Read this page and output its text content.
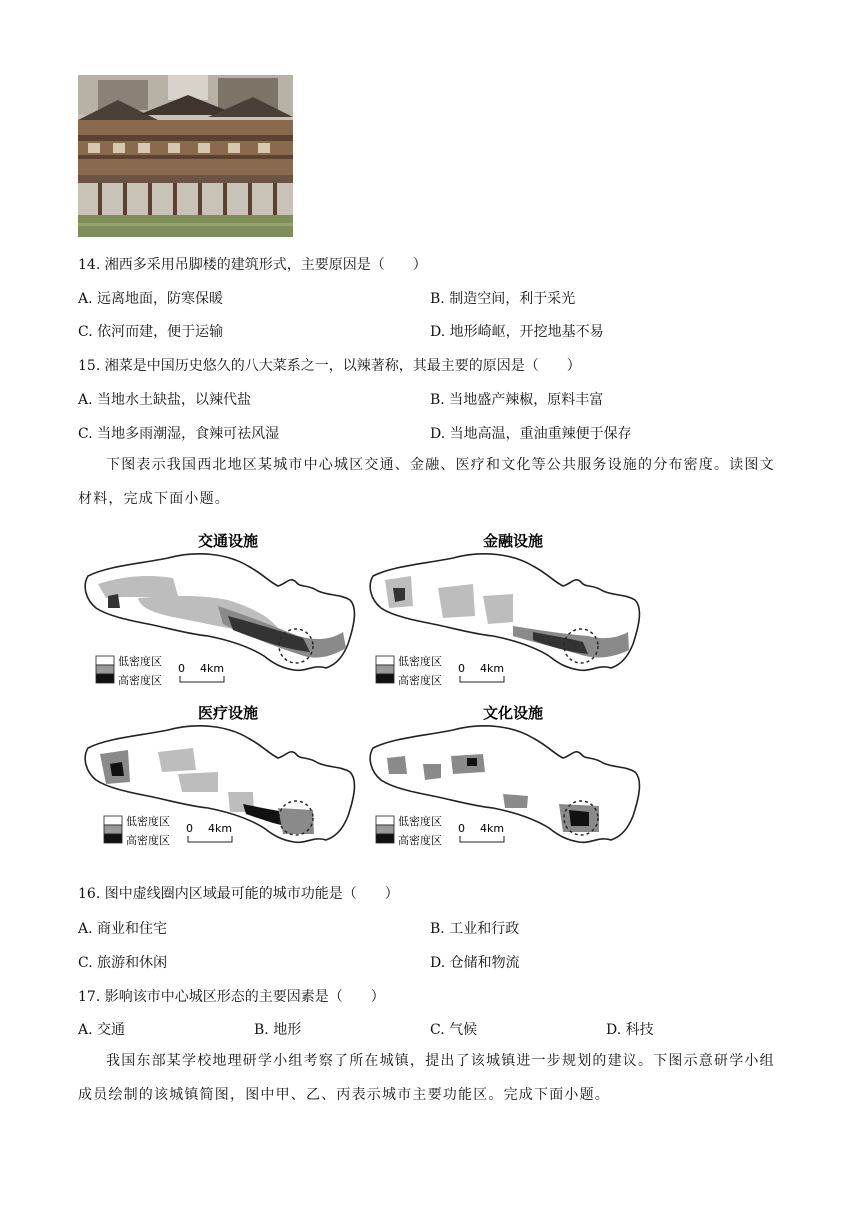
14. 湘西多采用吊脚楼的建筑形式，主要原因是（　　）
A. 远离地面，防寒保暖	B. 制造空间，利于采光
C. 依河而建，便于运输	D. 地形崎岖，开挖地基不易
15. 湘菜是中国历史悠久的八大菜系之一，以辣著称，其最主要的原因是（　　）
A. 当地水土缺盐，以辣代盐	B. 当地盛产辣椒，原料丰富
C. 当地多雨潮湿，食辣可祛风湿	D. 当地高温，重油重辣便于保存
下图表示我国西北地区某城市中心城区交通、金融、医疗和文化等公共服务设施的分布密度。读图文材料，完成下面小题。
交通设施
低密度区
高密度区
0 4km
金融设施
低密度区
高密度区
0 4km
医疗设施
低密度区
高密度区
0 4km
文化设施
低密度区
高密度区
0 4km
16. 图中虚线圈内区域最可能的城市功能是（　　）
A. 商业和住宅	B. 工业和行政
C. 旅游和休闲	D. 仓储和物流
17. 影响该市中心城区形态的主要因素是（　　）
A. 交通	B. 地形	C. 气候	D. 科技
我国东部某学校地理研学小组考察了所在城镇，提出了该城镇进一步规划的建议。下图示意研学小组成员绘制的该城镇简图，图中甲、乙、丙表示城市主要功能区。完成下面小题。
